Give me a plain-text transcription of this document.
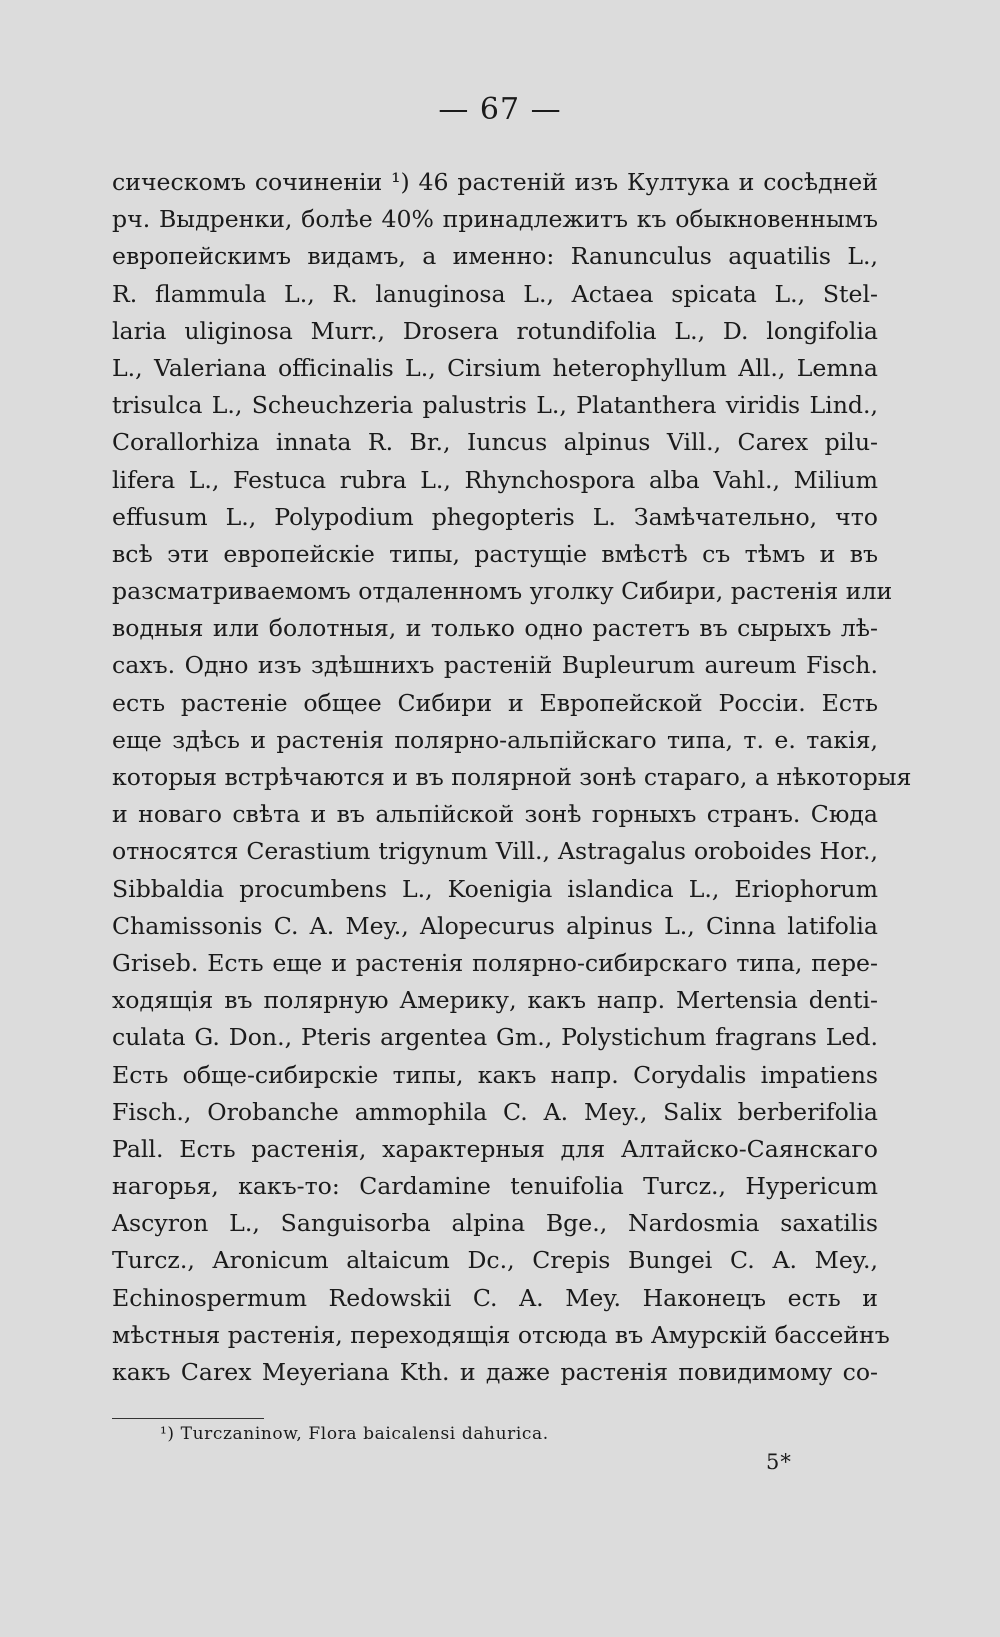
— 67 —
сическомъ сочиненіи ¹) 46 растеній изъ Култука и сосѣдней
рч. Выдренки, болѣе 40% принадлежитъ къ обыкновеннымъ
европейскимъ видамъ, а именно: Ranunculus aquatilis L.,
R. flammula L., R. lanuginosa L., Actaea spicata L., Stel-
laria uliginosa Murr., Drosera rotundifolia L., D. longifolia
L., Valeriana officinalis L., Cirsium heterophyllum All., Lemna
trisulca L., Scheuchzeria palustris L., Platanthera viridis Lind.,
Corallorhiza innata R. Br., Iuncus alpinus Vill., Carex pilu-
lifera L., Festuca rubra L., Rhynchospora alba Vahl., Milium
effusum L., Polypodium phegopteris L. Замѣчательно, что
всѣ эти европейскіе типы, растущіе вмѣстѣ съ тѣмъ и въ
разсматриваемомъ отдаленномъ уголку Сибири, растенія или
водныя или болотныя, и только одно растетъ въ сырыхъ лѣ-
сахъ. Одно изъ здѣшнихъ растеній Bupleurum aureum Fisch.
есть растеніе общее Сибири и Европейской Россіи. Есть
еще здѣсь и растенія полярно-альпійскаго типа, т. е. такія,
которыя встрѣчаются и въ полярной зонѣ стараго, а нѣкоторыя
и новаго свѣта и въ альпійской зонѣ горныхъ странъ. Сюда
относятся Cerastium trigynum Vill., Astragalus oroboides Hor.,
Sibbaldia procumbens L., Koenigia islandica L., Eriophorum
Chamissonis C. A. Mey., Alopecurus alpinus L., Cinna latifolia
Griseb. Есть еще и растенія полярно-сибирскаго типа, пере-
ходящія въ полярную Америку, какъ напр. Mertensia denti-
culata G. Don., Pteris argentea Gm., Polystichum fragrans Led.
Есть обще-сибирскіе типы, какъ напр. Corydalis impatiens
Fisch., Orobanche ammophila C. A. Mey., Salix berberifolia
Pall. Есть растенія, характерныя для Алтайско-Саянскаго
нагорья, какъ-то: Cardamine tenuifolia Turcz., Hypericum
Ascyron L., Sanguisorba alpina Bge., Nardosmia saxatilis
Turcz., Aronicum altaicum Dc., Crepis Bungei C. A. Mey.,
Echinospermum Redowskii C. A. Mey. Наконецъ есть и
мѣстныя растенія, переходящія отсюда въ Амурскій бассейнъ
какъ Carex Meyeriana Kth. и даже растенія повидимому со-
¹) Turczaninow, Flora baicalensi dahurica.
5*
